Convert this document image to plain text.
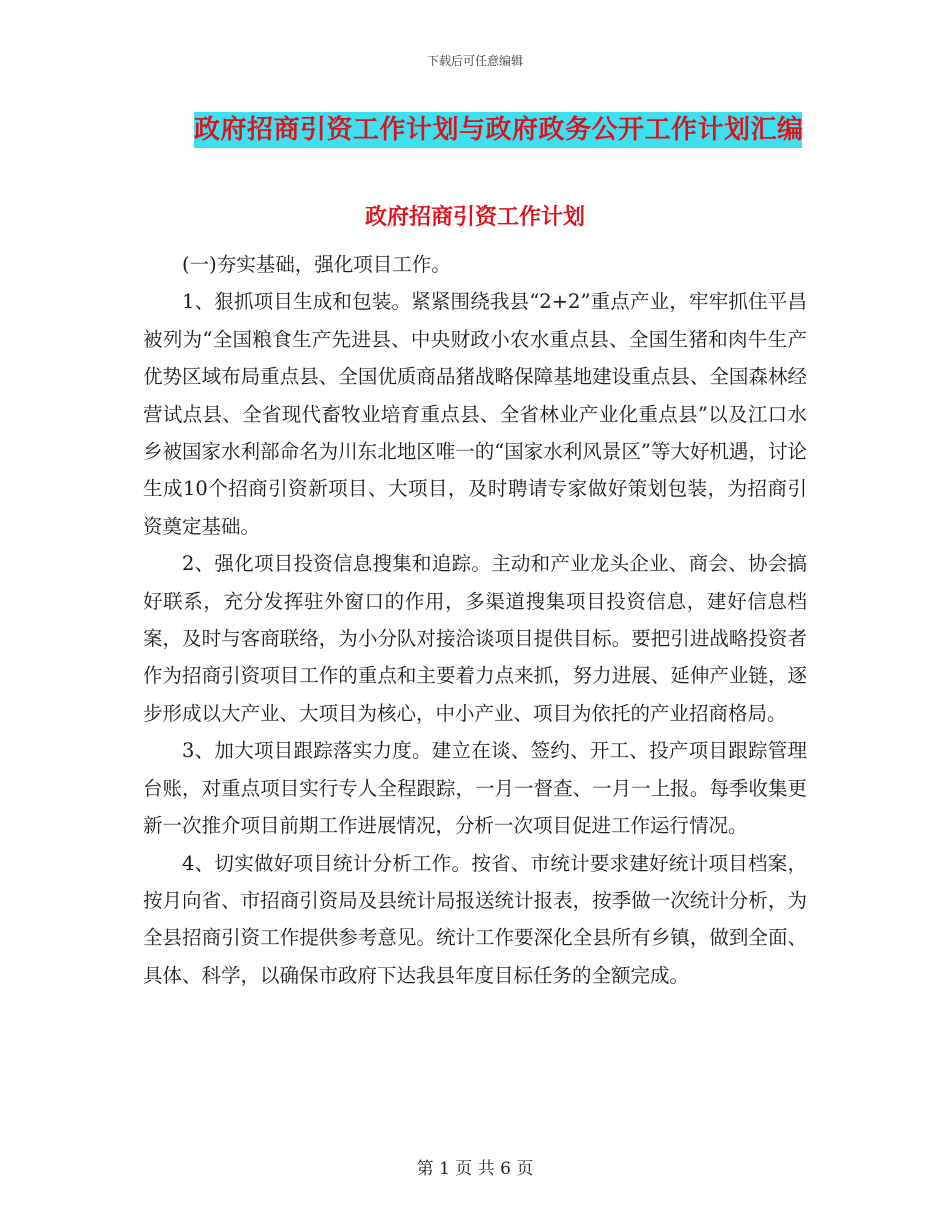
下载后可任意编辑
政府招商引资工作计划与政府政务公开工作计划汇编
政府招商引资工作计划

(一)夯实基础，强化项目工作。

1、狠抓项目生成和包装。紧紧围绕我县“2+2”重点产业，牢牢抓住平昌被列为“全国粮食生产先进县、中央财政小农水重点县、全国生猪和肉牛生产优势区域布局重点县、全国优质商品猪战略保障基地建设重点县、全国森林经营试点县、全省现代畜牧业培育重点县、全省林业产业化重点县”以及江口水乡被国家水利部命名为川东北地区唯一的“国家水利风景区”等大好机遇，讨论生成10个招商引资新项目、大项目，及时聘请专家做好策划包装，为招商引资奠定基础。

2、强化项目投资信息搜集和追踪。主动和产业龙头企业、商会、协会搞好联系，充分发挥驻外窗口的作用，多渠道搜集项目投资信息，建好信息档案，及时与客商联络，为小分队对接洽谈项目提供目标。要把引进战略投资者作为招商引资项目工作的重点和主要着力点来抓，努力进展、延伸产业链，逐步形成以大产业、大项目为核心，中小产业、项目为依托的产业招商格局。

3、加大项目跟踪落实力度。建立在谈、签约、开工、投产项目跟踪管理台账，对重点项目实行专人全程跟踪，一月一督查、一月一上报。每季收集更新一次推介项目前期工作进展情况，分析一次项目促进工作运行情况。

4、切实做好项目统计分析工作。按省、市统计要求建好统计项目档案，按月向省、市招商引资局及县统计局报送统计报表，按季做一次统计分析，为全县招商引资工作提供参考意见。统计工作要深化全县所有乡镇，做到全面、具体、科学，以确保市政府下达我县年度目标任务的全额完成。

第 1 页 共 6 页
